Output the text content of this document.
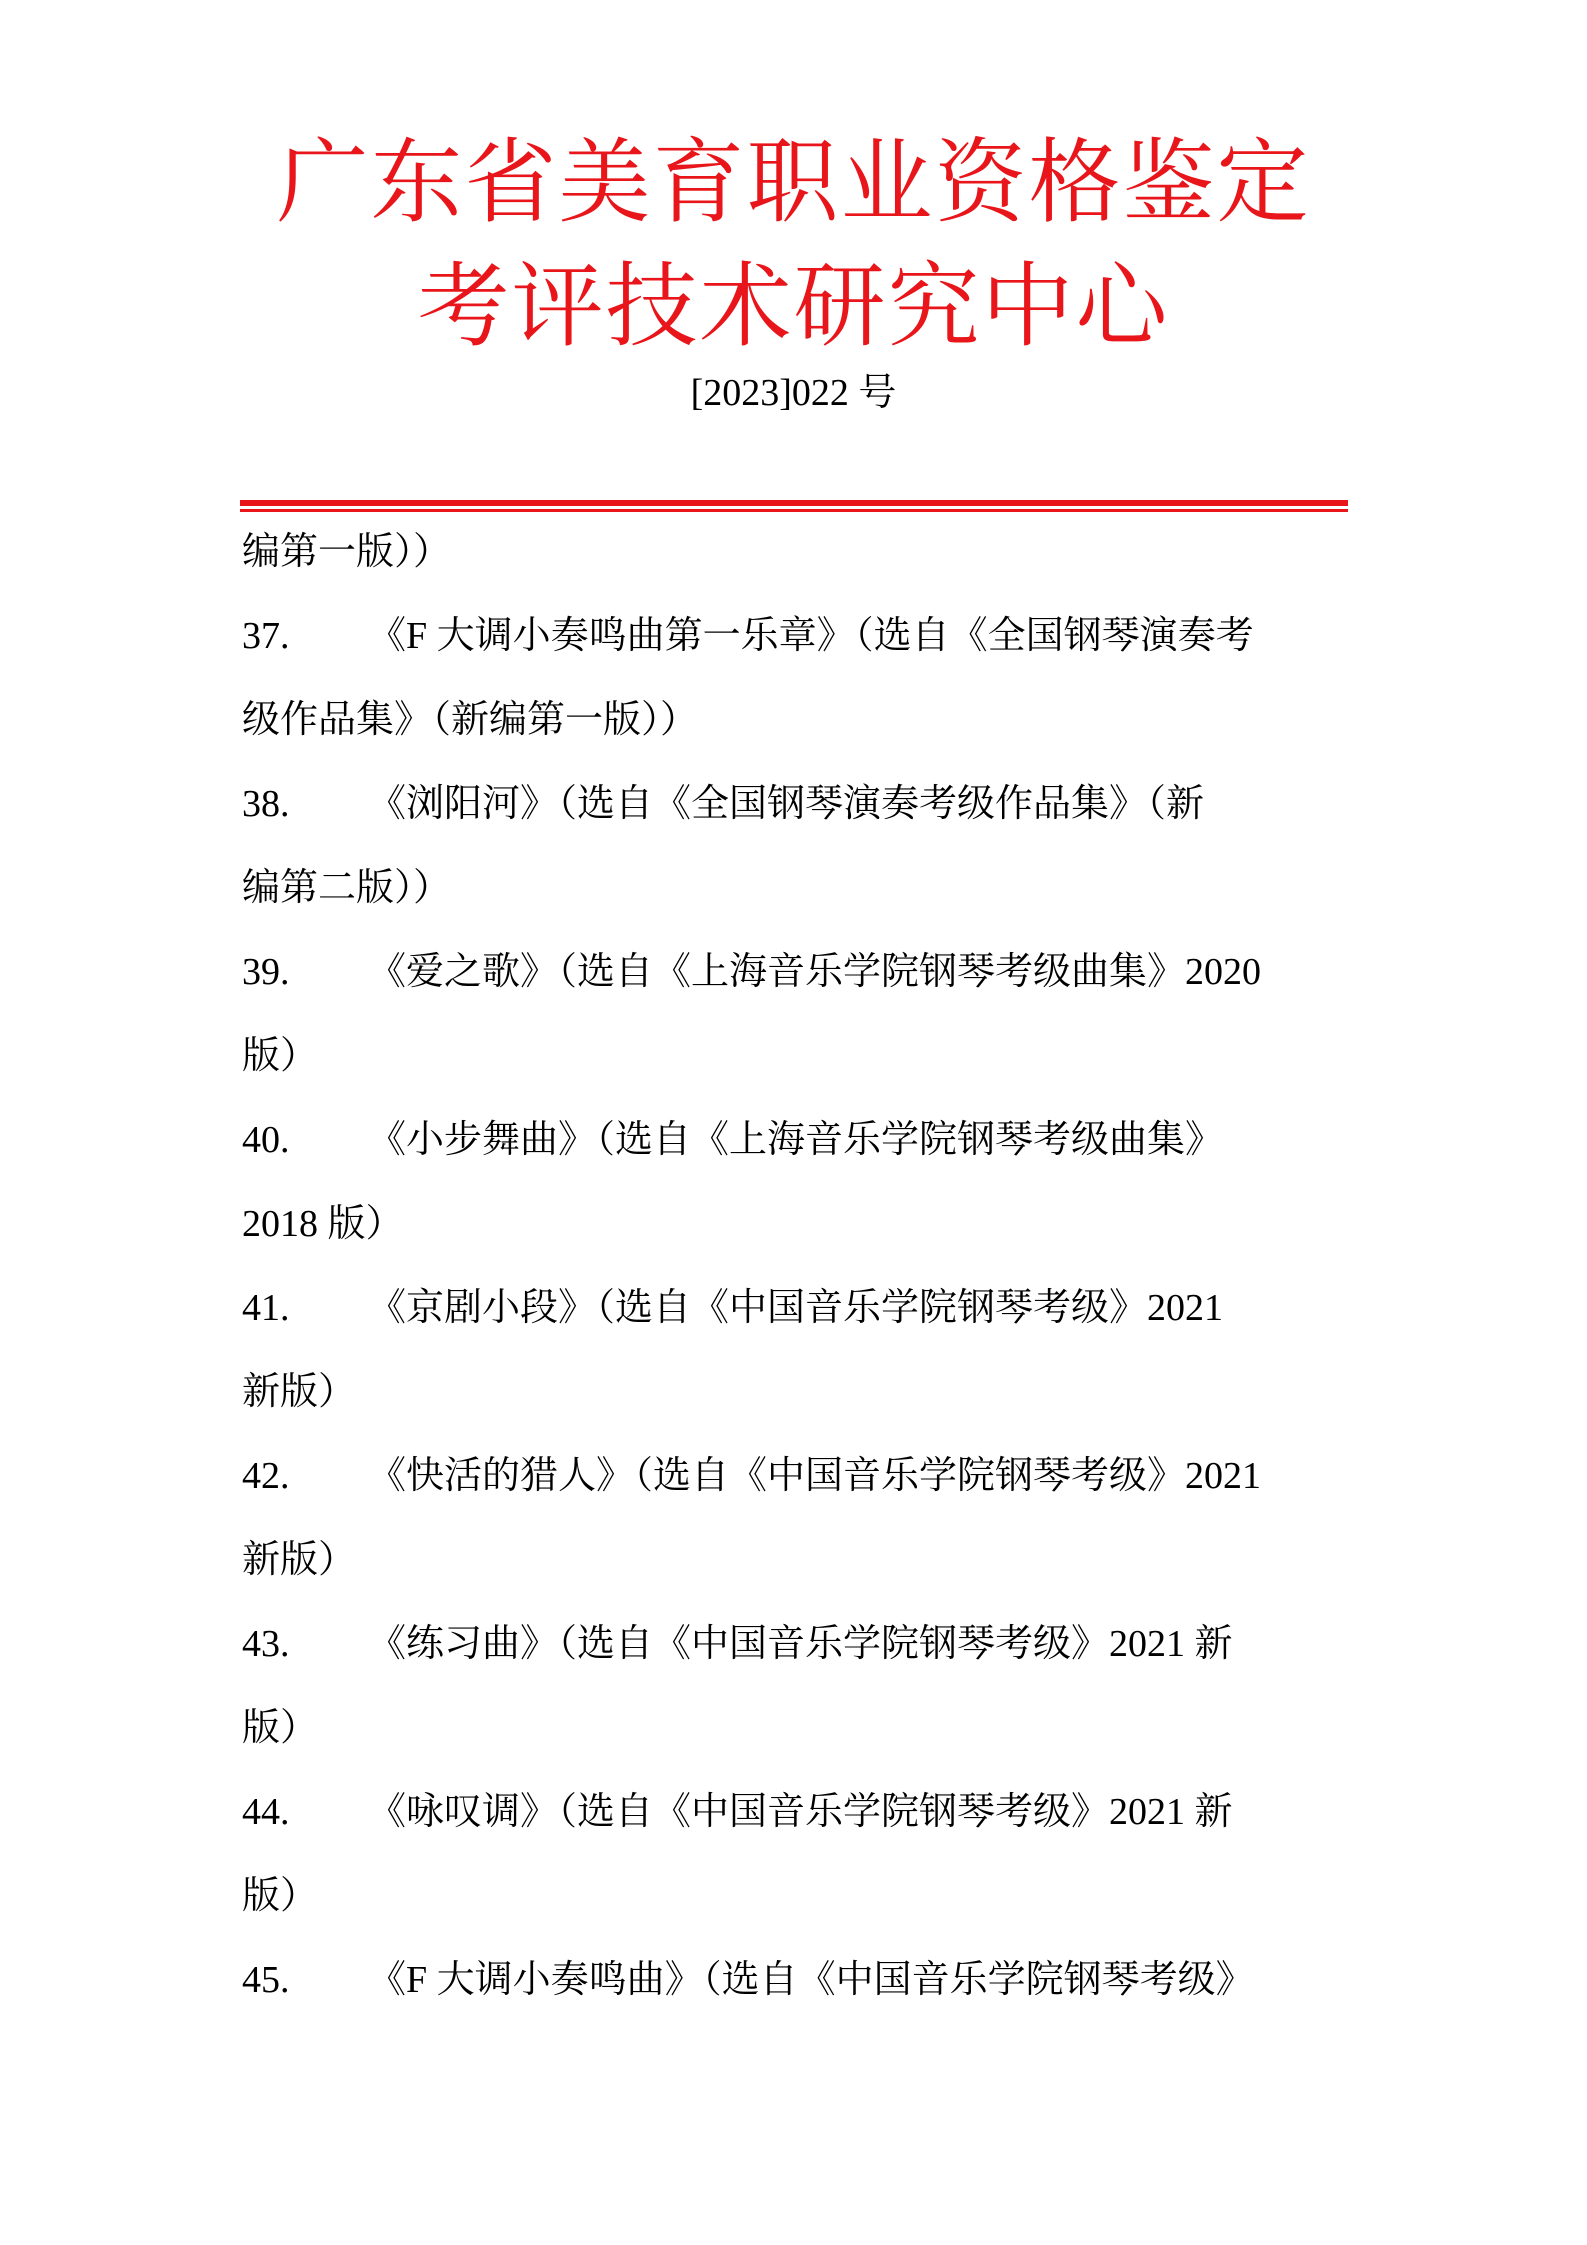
广东省美育职业资格鉴定
考评技术研究中心
[2023]022 号
编第一版））
37. 《F 大调小奏鸣曲第一乐章》（选自《全国钢琴演奏考
级作品集》（新编第一版））
38. 《浏阳河》（选自《全国钢琴演奏考级作品集》（新
编第二版））
39. 《爱之歌》（选自《上海音乐学院钢琴考级曲集》2020
版）
40. 《小步舞曲》（选自《上海音乐学院钢琴考级曲集》
2018 版）
41. 《京剧小段》（选自《中国音乐学院钢琴考级》2021
新版）
42. 《快活的猎人》（选自《中国音乐学院钢琴考级》2021
新版）
43. 《练习曲》（选自《中国音乐学院钢琴考级》2021 新
版）
44. 《咏叹调》（选自《中国音乐学院钢琴考级》2021 新
版）
45. 《F 大调小奏鸣曲》（选自《中国音乐学院钢琴考级》
